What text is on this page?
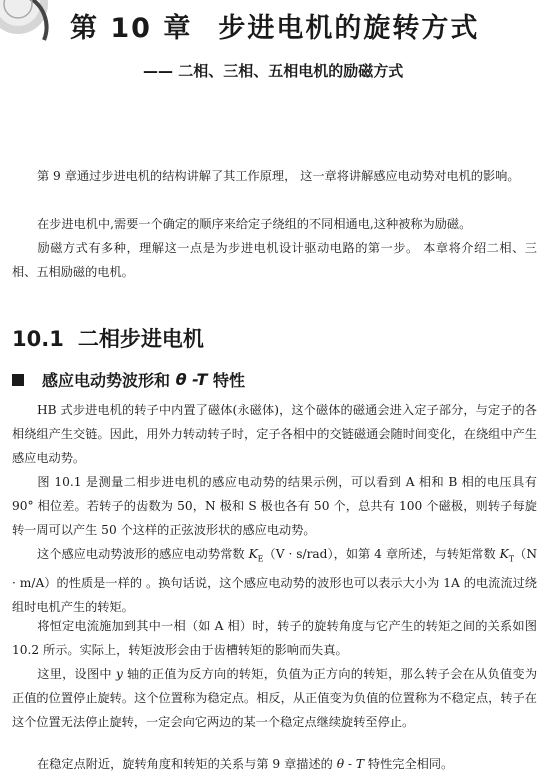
第 10 章 步进电机的旋转方式

—— 二相、三相、五相电机的励磁方式

第 9 章通过步进电机的结构讲解了其工作原理， 这一章将讲解感应电动势对电机的影响。

在步进电机中,需要一个确定的顺序来给定子绕组的不同相通电,这种被称为励磁。

励磁方式有多种，理解这一点是为步进电机设计驱动电路的第一步。 本章将介绍二相、三相、五相励磁的电机。

10.1 二相步进电机
感应电动势波形和
θ
-T
特性

HB 式步进电机的转子中内置了磁体(永磁体)，这个磁体的磁通会进入定子部分，与定子的各相绕组产生交链。因此，用外力转动转子时，定子各相中的交链磁通会随时间变化，在绕组中产生感应电动势。

图 10.1 是测量二相步进电机的感应电动势的结果示例，可以看到 A 相和 B 相的电压具有 90° 相位差。若转子的齿数为 50，N 极和 S 极也各有 50 个，总共有 100 个磁极，则转子每旋转一周可以产生 50 个这样的正弦波形状的感应电动势。

这个感应电动势波形的感应电动势常数 $K_E(V \cdot s/rad)$，如第 4 章所述，与转矩常数 $K_T(N \cdot m/A)$的性质是一样的 。换句话说，这个感应电动势的波形也可以表示大小为 1A 的电流流过绕组时电机产生的转矩。

将恒定电流施加到其中一相（如 A 相）时，转子的旋转角度与它产生的转矩之间的关系如图 10.2 所示。实际上，转矩波形会由于齿槽转矩的影响而失真。

这里，设图中 y 轴的正值为反方向的转矩，负值为正方向的转矩，那么转子会在从负值变为正值的位置停止旋转。这个位置称为稳定点。相反，从正值变为负值的位置称为不稳定点，转子在这个位置无法停止旋转，一定会向它两边的某一个稳定点继续旋转至停止。

在稳定点附近，旋转角度和转矩的关系与第 9 章描述的 θ - T 特性完全相同。
